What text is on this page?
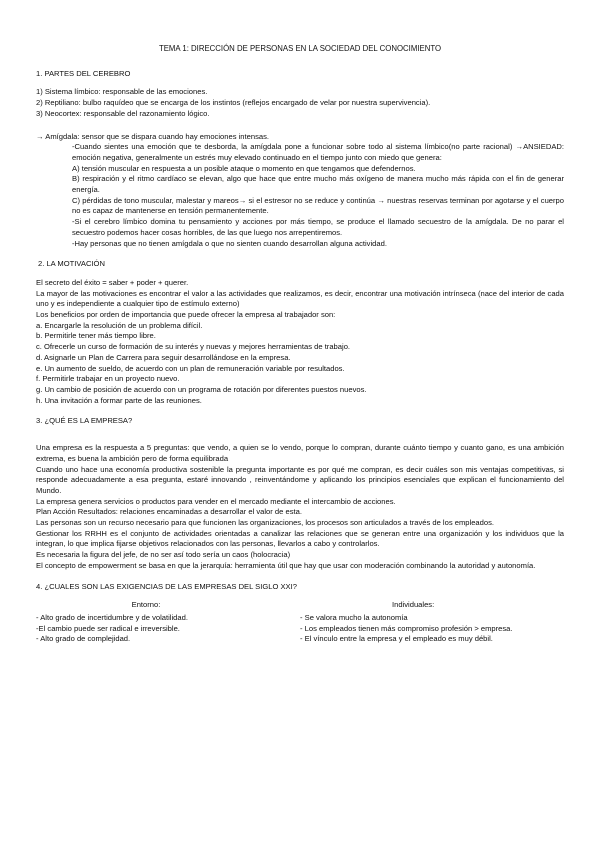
TEMA 1: DIRECCIÓN DE PERSONAS EN LA SOCIEDAD DEL CONOCIMIENTO
1. PARTES DEL CEREBRO
1) Sistema límbico: responsable de las emociones.
2) Reptiliano: bulbo raquídeo que se encarga de los instintos (reflejos encargado de velar por nuestra supervivencia).
3) Neocortex: responsable del razonamiento lógico.
→ Amígdala: sensor que se dispara cuando hay emociones intensas.
-Cuando sientes una emoción que te desborda, la amígdala pone a funcionar sobre todo al sistema límbico(no parte racional) →ANSIEDAD: emoción negativa, generalmente un estrés muy elevado continuado en el tiempo junto con miedo que genera:
A) tensión muscular en respuesta a un posible ataque o momento en que tengamos que defendernos.
B) respiración y el ritmo cardíaco se elevan, algo que hace que entre mucho más oxígeno de manera mucho más rápida con el fin de generar energía.
C) pérdidas de tono muscular, malestar y mareos→ si el estresor no se reduce y continúa → nuestras reservas terminan por agotarse y el cuerpo no es capaz de mantenerse en tensión permanentemente.
-Si el cerebro límbico domina tu pensamiento y acciones por más tiempo, se produce el llamado secuestro de la amígdala. De no parar el secuestro podemos hacer cosas horribles, de las que luego nos arrepentiremos.
-Hay personas que no tienen amígdala o que no sienten cuando desarrollan alguna actividad.
2. LA MOTIVACIÓN
El secreto del éxito = saber + poder + querer.
La mayor de las motivaciones es encontrar el valor a las actividades que realizamos, es decir, encontrar una motivación intrínseca (nace del interior de cada uno y es independiente a cualquier tipo de estímulo externo)
Los beneficios por orden de importancia que puede ofrecer la empresa al trabajador son:
a. Encargarle la resolución de un problema difícil.
b. Permitirle tener más tiempo libre.
c. Ofrecerle un curso de formación de su interés y nuevas y mejores herramientas de trabajo.
d. Asignarle un Plan de Carrera para seguir desarrollándose en la empresa.
e. Un aumento de sueldo, de acuerdo con un plan de remuneración variable por resultados.
f. Permitirle trabajar en un proyecto nuevo.
g. Un cambio de posición de acuerdo con un programa de rotación por diferentes puestos nuevos.
h. Una invitación a formar parte de las reuniones.
3. ¿QUÉ ES LA EMPRESA?
Una empresa es la respuesta a 5 preguntas: que vendo, a quien se lo vendo, porque lo compran, durante cuánto tiempo y cuanto gano, es una ambición extrema, es buena la ambición pero de forma equilibrada
Cuando uno hace una economía productiva sostenible la pregunta importante es por qué me compran, es decir cuáles son mis ventajas competitivas, si responde adecuadamente a esa pregunta, estaré innovando , reinventándome y aplicando los principios esenciales que explican el funcionamiento del Mundo.
La empresa genera servicios o productos para vender en el mercado mediante el intercambio de acciones.
Plan Acción Resultados: relaciones encaminadas a desarrollar el valor de esta.
Las personas son un recurso necesario para que funcionen las organizaciones, los procesos son articulados a través de los empleados.
Gestionar los RRHH es el conjunto de actividades orientadas a canalizar las relaciones que se generan entre una organización y los individuos que la integran, lo que implica fijarse objetivos relacionados con las personas, llevarlos a cabo y controlarlos.
Es necesaria la figura del jefe, de no ser así todo sería un caos (holocracia)
El concepto de empowerment se basa en que la jerarquía: herramienta útil que hay que usar con moderación combinando la autoridad y autonomía.
4. ¿CUALES SON LAS EXIGENCIAS DE LAS EMPRESAS DEL SIGLO XXI?
Entorno:
- Alto grado de incertidumbre y de volatilidad.
-El cambio puede ser radical e irreversible.
- Alto grado de complejidad.
Individuales:
- Se valora mucho la autonomía
- Los empleados tienen más compromiso profesión > empresa.
- El vínculo entre la empresa y el empleado es muy débil.
